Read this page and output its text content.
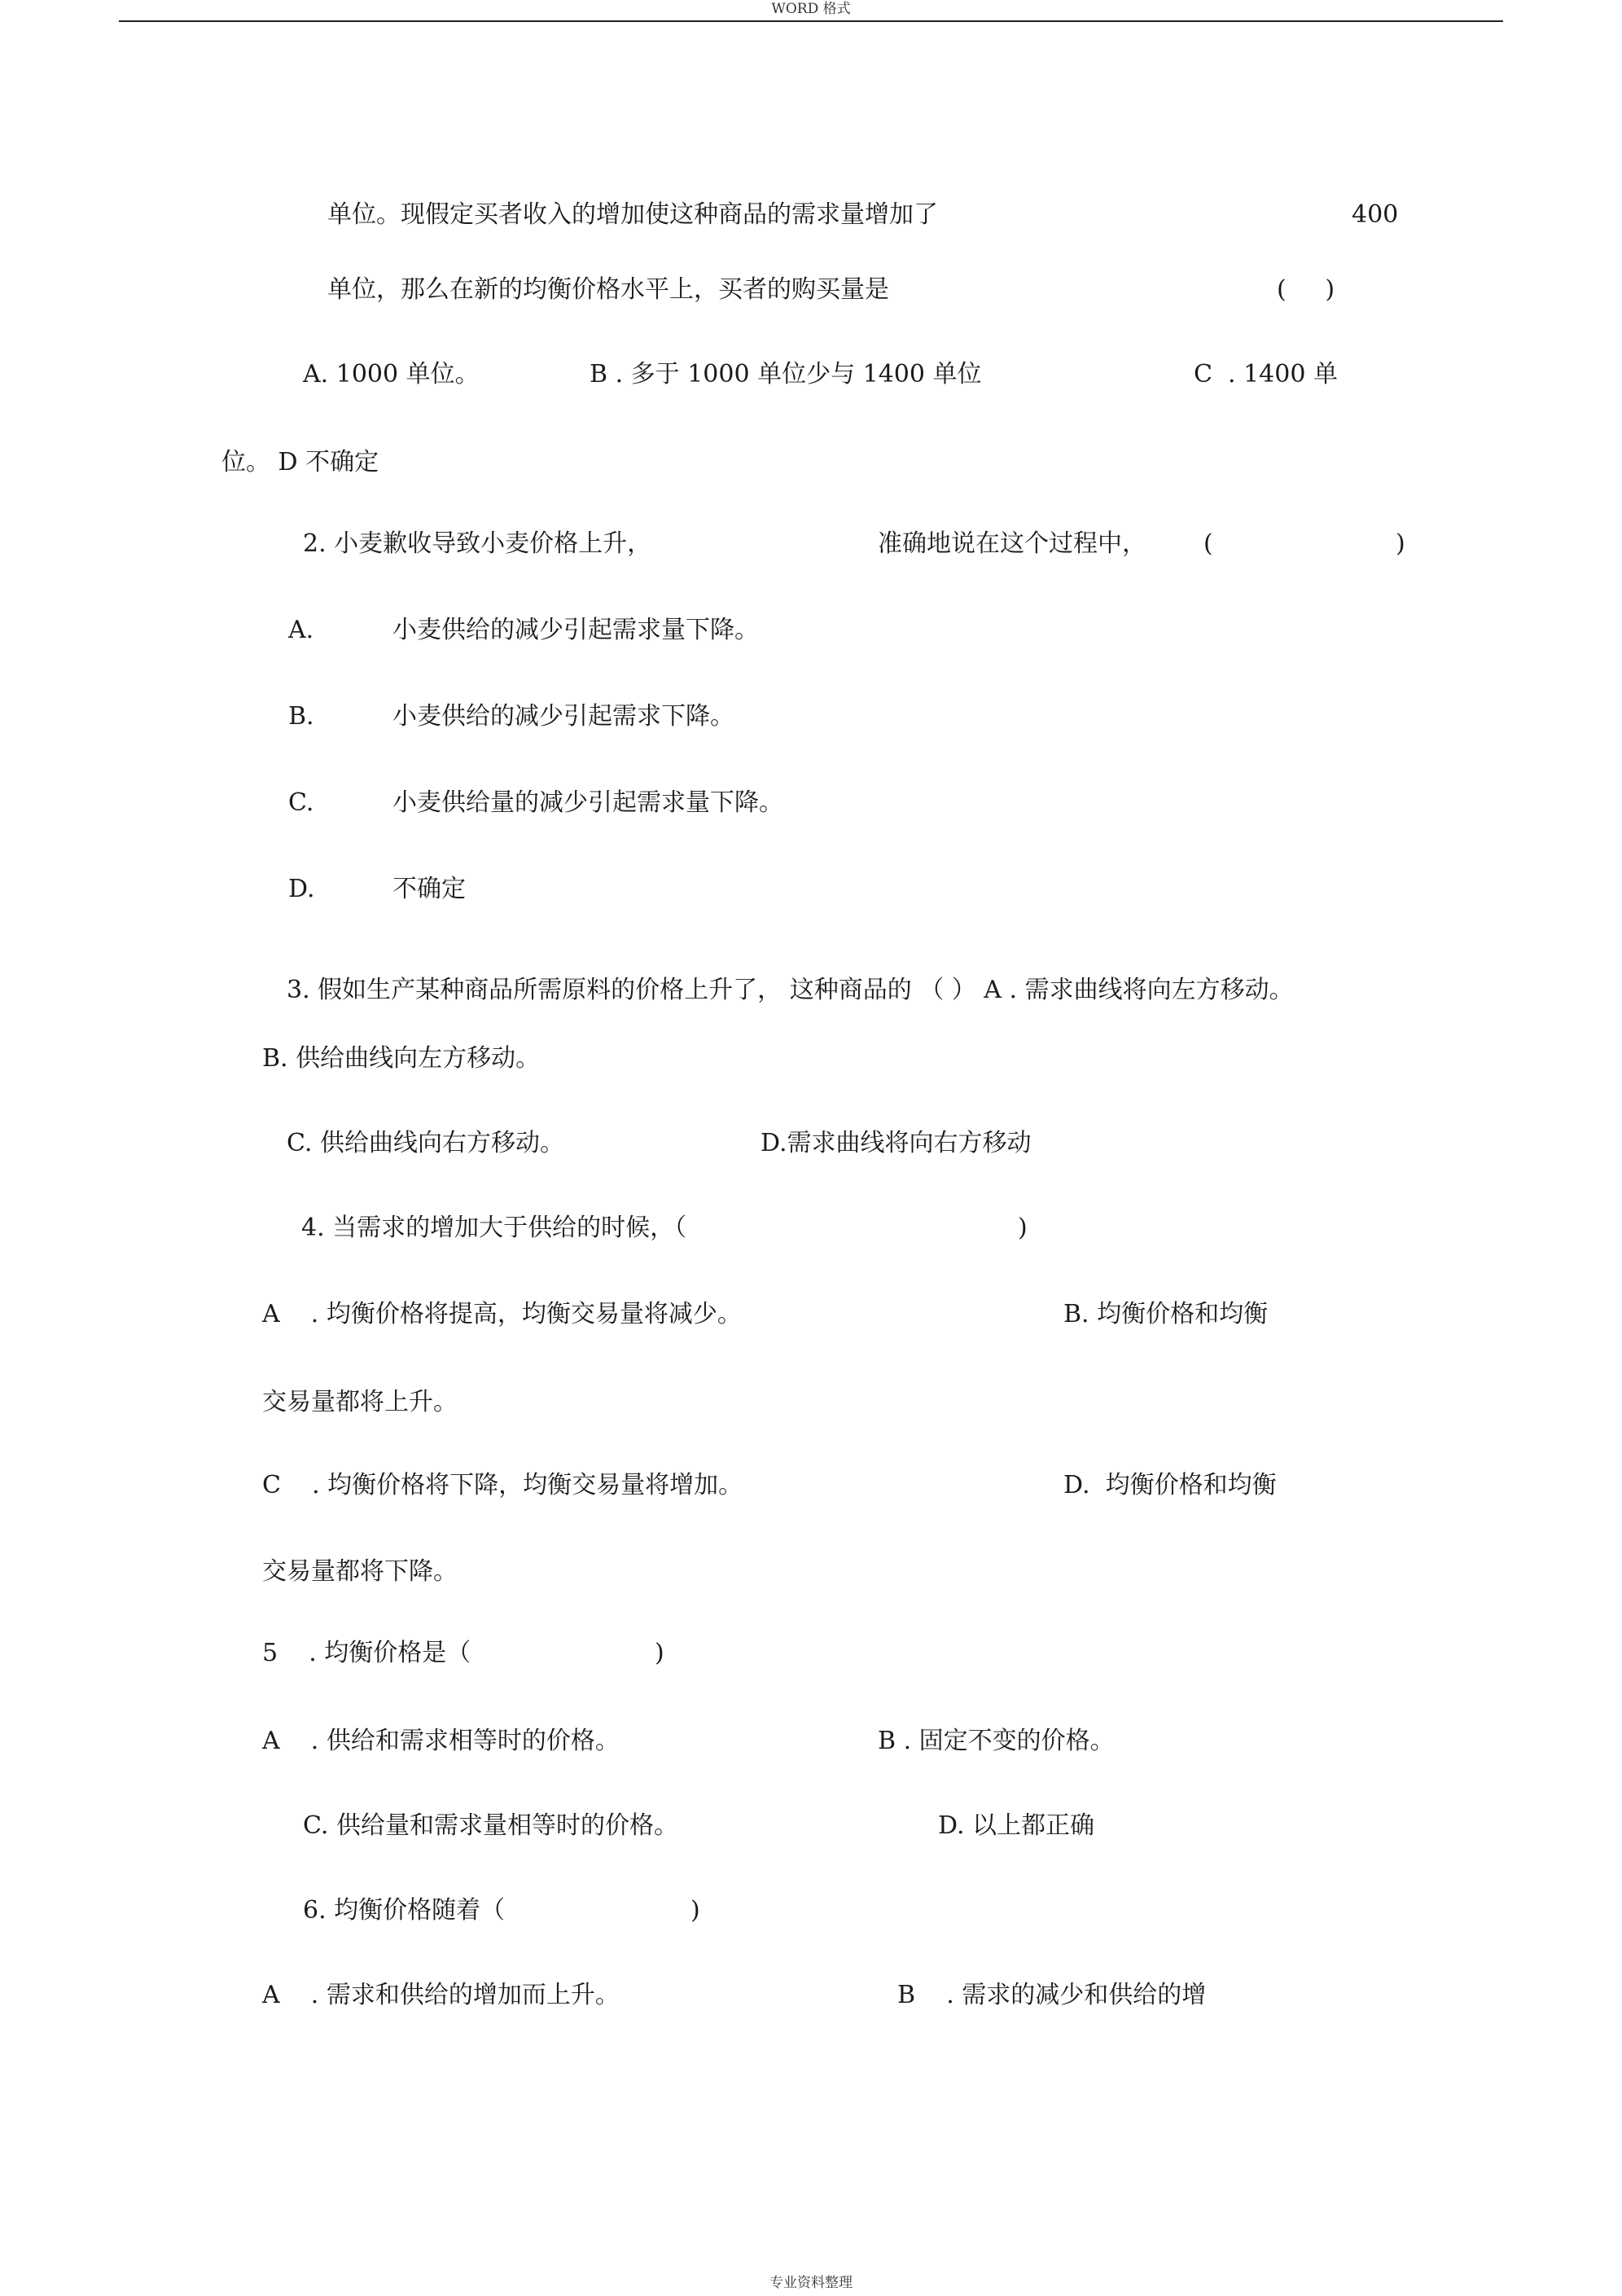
WORD 格式
单位。现假定买者收入的增加使这种商品的需求量增加了	400
单位，那么在新的均衡价格水平上，买者的购买量是	(     )
A. 1000 单位。	B . 多于 1000 单位少与 1400 单位	C  . 1400 单
位。 D 不确定
2. 小麦歉收导致小麦价格上升，	准确地说在这个过程中， (	)
A.	小麦供给的减少引起需求量下降。
B.	小麦供给的减少引起需求下降。
C.	小麦供给量的减少引起需求量下降。
D.	不确定
3. 假如生产某种商品所需原料的价格上升了， 这种商品的 （ ） A . 需求曲线将向左方移动。
B. 供给曲线向左方移动。
C. 供给曲线向右方移动。	D.需求曲线将向右方移动
4. 当需求的增加大于供给的时候，（	)
A    . 均衡价格将提高，均衡交易量将减少。	B. 均衡价格和均衡
交易量都将上升。
C    . 均衡价格将下降，均衡交易量将增加。	D.  均衡价格和均衡
交易量都将下降。
5    . 均衡价格是（	)
A    . 供给和需求相等时的价格。	B . 固定不变的价格。
C. 供给量和需求量相等时的价格。	D. 以上都正确
6. 均衡价格随着（	)
A    . 需求和供给的增加而上升。	B    . 需求的减少和供给的增
专业资料整理
